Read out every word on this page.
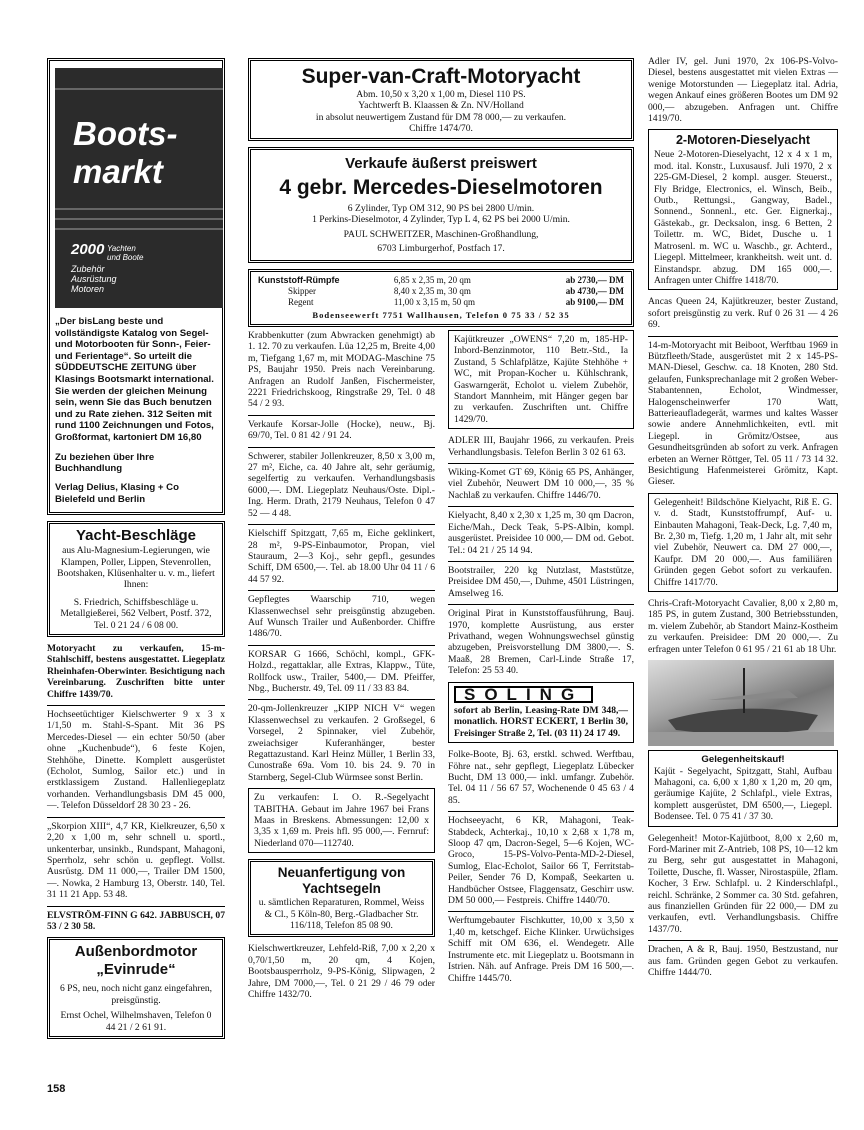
Boots-
markt
2000 Yachten
und Boote
Zubehör
Ausrüstung
Motoren
„Der bisLang beste und vollständigste Katalog von Segel- und Motorbooten für Sonn-, Feier- und Ferientage“. So urteilt die SÜDDEUTSCHE ZEITUNG über Klasings Bootsmarkt international. Sie werden der gleichen Meinung sein, wenn Sie das Buch benutzen und zu Rate ziehen. 312 Seiten mit rund 1100 Zeichnungen und Fotos, Großformat, kartoniert DM 16,80
Zu beziehen über Ihre Buchhandlung
Verlag Delius, Klasing + Co Bielefeld und Berlin
Yacht-Beschläge
aus Alu-Magnesium-Legierungen, wie Klampen, Poller, Lippen, Stevenrollen, Bootshaken, Klüsenhalter u. v. m., liefert Ihnen:
S. Friedrich, Schiffsbeschläge u. Metallgießerei, 562 Velbert, Postf. 372, Tel. 0 21 24 / 6 08 00.
Motoryacht zu verkaufen, 15-m-Stahlschiff, bestens ausgestattet. Liegeplatz Rheinhafen-Oberwinter. Besichtigung nach Vereinbarung. Zuschriften bitte unter Chiffre 1439/70.
Hochseetüchtiger Kielschwerter 9 x 3 x 1/1,50 m. Stahl-S-Spant. Mit 36 PS Mercedes-Diesel — ein echter 50/50 (aber ohne „Kuchenbude“), 6 feste Kojen, Stehhöhe, Dinette. Komplett ausgerüstet (Echolot, Sumlog, Sailor etc.) und in erstklassigem Zustand. Hallenliegeplatz vorhanden. Verhandlungsbasis DM 45 000,—. Telefon Düsseldorf 28 30 23 - 26.
„Skorpion XIII“, 4,7 KR, Kielkreuzer, 6,50 x 2,20 x 1,00 m, sehr schnell u. sportl., unkenterbar, unsinkb., Rundspant, Mahagoni, Sperrholz, sehr schön u. gepflegt. Vollst. Ausrüstg. DM 11 000,—, Trailer DM 1500,—. Nowka, 2 Hamburg 13, Oberstr. 140, Tel. 31 11 21 App. 53 48.
ELVSTRÖM-FINN G 642. JABBUSCH, 07 53 / 2 30 58.
Außenbordmotor
„Evinrude“
6 PS, neu, noch nicht ganz eingefahren, preisgünstig.
Ernst Ochel, Wilhelmshaven, Telefon 0 44 21 / 2 61 91.
Super-van-Craft-Motoryacht
Abm. 10,50 x 3,20 x 1,00 m, Diesel 110 PS.
Yachtwerft B. Klaassen & Zn. NV/Holland
in absolut neuwertigem Zustand für DM 78 000,— zu verkaufen.
Chiffre 1474/70.
Verkaufe äußerst preiswert
4 gebr. Mercedes-Dieselmotoren
6 Zylinder, Typ OM 312, 90 PS bei 2800 U/min.
1 Perkins-Dieselmotor, 4 Zylinder, Typ L 4, 62 PS bei 2000 U/min.
PAUL SCHWEITZER, Maschinen-Großhandlung,
6703 Limburgerhof, Postfach 17.
Kunststoff-Rümpfe	6,85 x 2,35 m, 20 qm	ab 2730,— DM
Skipper	8,40 x 2,35 m, 30 qm	ab 4730,— DM
Regent	11,00 x 3,15 m, 50 qm	ab 9100,— DM
Bodenseewerft 7751 Wallhausen, Telefon 0 75 33 / 52 35
Krabbenkutter (zum Abwracken genehmigt) ab 1. 12. 70 zu verkaufen. Lüa 12,25 m, Breite 4,00 m, Tiefgang 1,67 m, mit MODAG-Maschine 75 PS, Baujahr 1950. Preis nach Vereinbarung. Anfragen an Rudolf Janßen, Fischermeister, 2221 Friedrichskoog, Ringstraße 29, Tel. 0 48 54 / 2 93.
Verkaufe Korsar-Jolle (Hocke), neuw., Bj. 69/70, Tel. 0 81 42 / 91 24.
Schwerer, stabiler Jollenkreuzer, 8,50 x 3,00 m, 27 m², Eiche, ca. 40 Jahre alt, sehr geräumig, segelfertig zu verkaufen. Verhandlungsbasis 6000,—. DM. Liegeplatz Neuhaus/Oste. Dipl.-Ing. Herm. Drath, 2179 Neuhaus, Telefon 0 47 52 — 4 48.
Kielschiff Spitzgatt, 7,65 m, Eiche geklinkert, 28 m², 9-PS-Einbaumotor, Propan, viel Stauraum, 2—3 Koj., sehr gepfl., gesundes Schiff, DM 6500,—. Tel. ab 18.00 Uhr 04 11 / 6 44 57 92.
Gepflegtes Waarschip 710, wegen Klassenwechsel sehr preisgünstig abzugeben. Auf Wunsch Trailer und Außenborder. Chiffre 1486/70.
KORSAR G 1666, Schöchl, kompl., GFK-Holzd., regattaklar, alle Extras, Klappw., Tüte, Rollfock usw., Trailer, 5400,— DM. Pfeiffer, Nbg., Bucherstr. 49, Tel. 09 11 / 33 83 84.
20-qm-Jollenkreuzer „KIPP NICH V“ wegen Klassenwechsel zu verkaufen. 2 Großsegel, 6 Vorsegel, 2 Spinnaker, viel Zubehör, zweiachsiger Kuferanhänger, bester Regattazustand. Karl Heinz Müller, 1 Berlin 33, Cunostraße 69a. Vom 10. bis 24. 9. 70 in Starnberg, Segel-Club Würmsee sonst Berlin.
Zu verkaufen: I. O. R.-Segelyacht TABITHA. Gebaut im Jahre 1967 bei Frans Maas in Breskens. Abmessungen: 12,00 x 3,35 x 1,69 m. Preis hfl. 95 000,—. Fernruf: Niederland 070—112740.
Neuanfertigung von Yachtsegeln
u. sämtlichen Reparaturen, Rommel, Weiss & Cl., 5 Köln-80, Berg.-Gladbacher Str. 116/118, Telefon 85 08 90.
Kielschwertkreuzer, Lehfeld-Riß, 7,00 x 2,20 x 0,70/1,50 m, 20 qm, 4 Kojen, Bootsbausperrholz, 9-PS-König, Slipwagen, 2 Jahre, DM 7000,—, Tel. 0 21 29 / 46 79 oder Chiffre 1432/70.
Kajütkreuzer „OWENS“ 7,20 m, 185-HP-Inbord-Benzinmotor, 110 Betr.-Std., Ia Zustand, 5 Schlafplätze, Kajüte Stehhöhe + WC, mit Propan-Kocher u. Kühlschrank, Gaswarngerät, Echolot u. vielem Zubehör, Standort Mannheim, mit Hänger gegen bar zu verkaufen. Zuschriften unt. Chiffre 1429/70.
ADLER III, Baujahr 1966, zu verkaufen. Preis Verhandlungsbasis. Telefon Berlin 3 02 61 63.
Wiking-Komet GT 69, König 65 PS, Anhänger, viel Zubehör, Neuwert DM 10 000,—, 35 % Nachlaß zu verkaufen. Chiffre 1446/70.
Kielyacht, 8,40 x 2,30 x 1,25 m, 30 qm Dacron, Eiche/Mah., Deck Teak, 5-PS-Albin, kompl. ausgerüstet. Preisidee 10 000,— DM od. Gebot. Tel.: 04 21 / 25 14 94.
Bootstrailer, 220 kg Nutzlast, Maststütze, Preisidee DM 450,—, Duhme, 4501 Lüstringen, Amselweg 16.
Original Pirat in Kunststoffausführung, Bauj. 1970, komplette Ausrüstung, aus erster Privathand, wegen Wohnungswechsel günstig abzugeben, Preisvorstellung DM 3800,—. S. Maaß, 28 Bremen, Carl-Linde Straße 17, Telefon: 25 53 40.
SOLING
sofort ab Berlin, Leasing-Rate DM 348,— monatlich. HORST ECKERT, 1 Berlin 30, Freisinger Straße 2, Tel. (03 11) 24 17 49.
Folke-Boote, Bj. 63, erstkl. schwed. Werftbau, Föhre nat., sehr gepflegt, Liegeplatz Lübecker Bucht, DM 13 000,— inkl. umfangr. Zubehör. Tel. 04 11 / 56 67 57, Wochenende 0 45 63 / 4 85.
Hochseeyacht, 6 KR, Mahagoni, Teak-Stabdeck, Achterkaj., 10,10 x 2,68 x 1,78 m, Sloop 47 qm, Dacron-Segel, 5—6 Kojen, WC-Groco, 15-PS-Volvo-Penta-MD-2-Diesel, Sumlog, Elac-Echolot, Sailor 66 T, Ferritstab-Peiler, Sender 76 D, Kompaß, Seekarten u. Handbücher Ostsee, Flaggensatz, Geschirr usw. DM 50 000,— Festpreis. Chiffre 1440/70.
Werftumgebauter Fischkutter, 10,00 x 3,50 x 1,40 m, ketschgef. Eiche Klinker. Urwüchsiges Schiff mit OM 636, el. Wendegetr. Alle Instrumente etc. mit Liegeplatz u. Bootsmann in Istrien. Näh. auf Anfrage. Preis DM 16 500,—. Chiffre 1445/70.
Adler IV, gel. Juni 1970, 2x 106-PS-Volvo-Diesel, bestens ausgestattet mit vielen Extras — wenige Motorstunden — Liegeplatz ital. Adria, wegen Ankauf eines größeren Bootes um DM 92 000,— abzugeben. Anfragen unt. Chiffre 1419/70.
2-Motoren-Dieselyacht
Neue 2-Motoren-Dieselyacht, 12 x 4 x 1 m, mod. ital. Konstr., Luxusausf. Juli 1970, 2 x 225-GM-Diesel, 2 kompl. ausger. Steuerst., Fly Bridge, Electronics, el. Winsch, Beib., Outb., Rettungsi., Gangway, Badel., Sonnend., Sonnenl., etc. Ger. Eignerkaj., Gästekab., gr. Decksalon, insg. 6 Betten, 2 Toilettr. m. WC, Bidet, Dusche u. 1 Matrosenl. m. WC u. Waschb., gr. Achterd., Liegepl. Mittelmeer, krankheitsh. weit unt. d. Einstandspr. abzug. DM 165 000,—. Anfragen unter Chiffre 1418/70.
Ancas Queen 24, Kajütkreuzer, bester Zustand, sofort preisgünstig zu verk. Ruf 0 26 31 — 4 26 69.
14-m-Motoryacht mit Beiboot, Werftbau 1969 in Bützfleeth/Stade, ausgerüstet mit 2 x 145-PS-MAN-Diesel, Geschw. ca. 18 Knoten, 280 Std. gelaufen, Funksprechanlage mit 2 großen Weber-Stabantennen, Echolot, Windmesser, Halogenscheinwerfer 170 Watt, Batterieaufladegerät, warmes und kaltes Wasser sowie andere Annehmlichkeiten, evtl. mit Liegepl. in Grömitz/Ostsee, aus Gesundheitsgründen ab sofort zu verk. Anfragen erbeten an Werner Röttger, Tel. 05 11 / 73 14 32. Besichtigung Hafenmeisterei Grömitz, Kapt. Gieser.
Gelegenheit! Bildschöne Kielyacht, Riß E. G. v. d. Stadt, Kunststoffrumpf, Auf- u. Einbauten Mahagoni, Teak-Deck, Lg. 7,40 m, Br. 2,30 m, Tiefg. 1,20 m, 1 Jahr alt, mit sehr viel Zubehör, Neuwert ca. DM 27 000,—, Kaufpr. DM 20 000,—. Aus familiären Gründen gegen Gebot sofort zu verkaufen. Chiffre 1417/70.
Chris-Craft-Motoryacht Cavalier, 8,00 x 2,80 m, 185 PS, in gutem Zustand, 300 Betriebsstunden, m. vielem Zubehör, ab Standort Mainz-Kostheim zu verkaufen. Preisidee: DM 20 000,—. Zu erfragen unter Telefon 0 61 95 / 21 61 ab 18 Uhr.
Gelegenheitskauf!
Kajüt - Segelyacht, Spitzgatt, Stahl, Aufbau Mahagoni, ca. 6,00 x 1,80 x 1,20 m, 20 qm, geräumige Kajüte, 2 Schlafpl., viele Extras, komplett ausgerüstet, DM 6500,—, Liegepl. Bodensee. Tel. 0 75 41 / 37 30.
Gelegenheit! Motor-Kajütboot, 8,00 x 2,60 m, Ford-Mariner mit Z-Antrieb, 108 PS, 10—12 km zu Berg, sehr gut ausgestattet in Mahagoni, Toilette, Dusche, fl. Wasser, Nirostaspüle, 2flam. Kocher, 3 Erw. Schlafpl. u. 2 Kinderschlafpl., reichl. Schränke, 2 Sommer ca. 30 Std. gefahren, aus finanziellen Gründen für 22 000,— DM zu verkaufen, evtl. Verhandlungsbasis. Chiffre 1437/70.
Drachen, A & R, Bauj. 1950, Bestzustand, nur aus fam. Gründen gegen Gebot zu verkaufen. Chiffre 1444/70.
158
